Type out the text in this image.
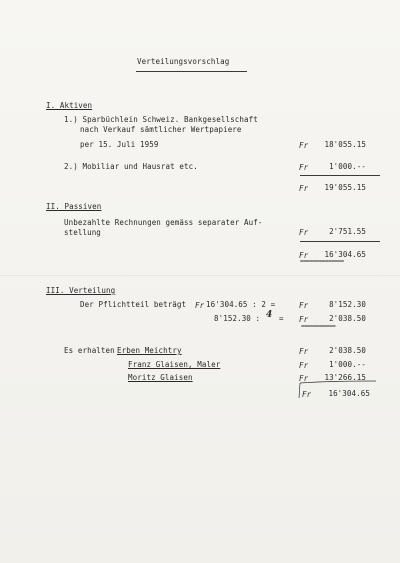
Verteilungsvorschlag
I. Aktiven
1.) Sparbüchlein Schweiz. Bankgesellschaft
nach Verkauf sämtlicher Wertpapiere
per 15. Juli 1959	Fr	18'055.15
2.) Mobiliar und Hausrat etc.	Fr	1'000.--
Fr	19'055.15
II. Passiven
Unbezahlte Rechnungen gemäss separater Auf-
stellung	Fr	2'751.55
Fr	16'304.65
==============
III. Verteilung
Der Pflichtteil beträgt Fr 16'304.65 : 2 =	Fr	8'152.30
8'152.30 : 4 = Fr	2'038.50
===========
Es erhalten Erben Meichtry	Fr	2'038.50
Franz Glaisen, Maler	Fr	1'000.--
Moritz Glaisen	Fr	13'266.15
Fr	16'304.65
